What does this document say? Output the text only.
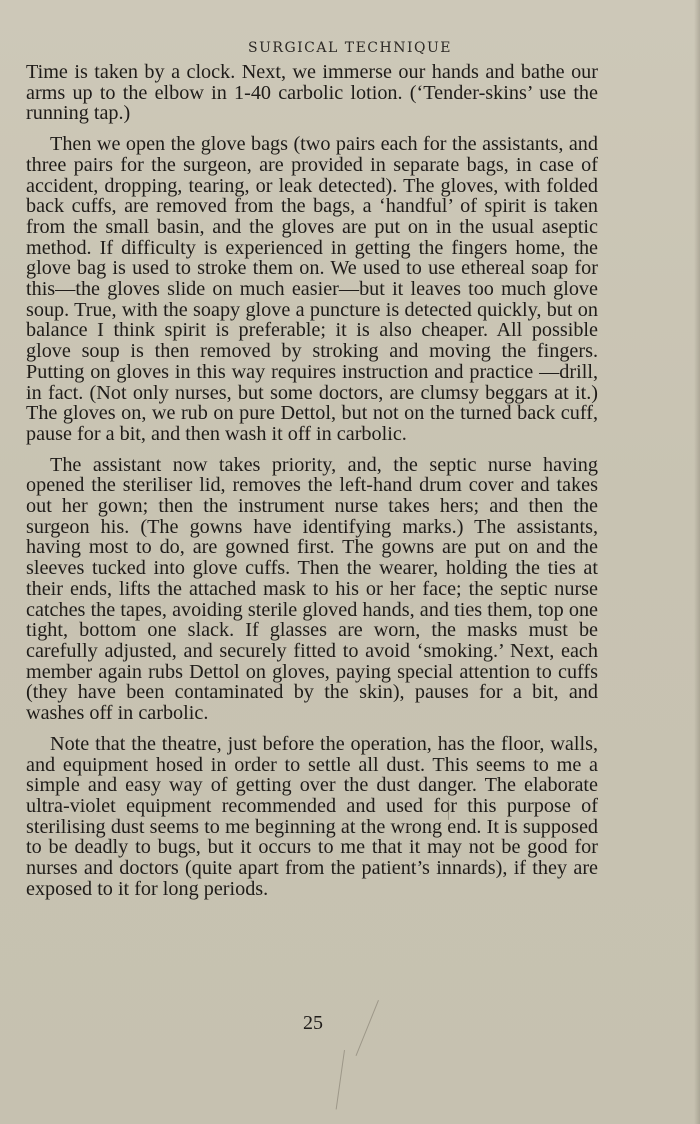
SURGICAL TECHNIQUE

Time is taken by a clock. Next, we immerse our hands and bathe our arms up to the elbow in 1-40 carbolic lotion. (‘Tender-skins’ use the running tap.)

Then we open the glove bags (two pairs each for the assistants, and three pairs for the surgeon, are provided in separate bags, in case of accident, dropping, tearing, or leak detected). The gloves, with folded back cuffs, are removed from the bags, a ‘handful’ of spirit is taken from the small basin, and the gloves are put on in the usual aseptic method. If difficulty is experienced in getting the fingers home, the glove bag is used to stroke them on. We used to use ethereal soap for this—the gloves slide on much easier—but it leaves too much glove soup. True, with the soapy glove a puncture is detected quickly, but on balance I think spirit is preferable; it is also cheaper. All possible glove soup is then removed by stroking and moving the fingers. Putting on gloves in this way requires instruction and practice —drill, in fact. (Not only nurses, but some doctors, are clumsy beggars at it.) The gloves on, we rub on pure Dettol, but not on the turned back cuff, pause for a bit, and then wash it off in carbolic.

The assistant now takes priority, and, the septic nurse having opened the steriliser lid, removes the left-hand drum cover and takes out her gown; then the instrument nurse takes hers; and then the surgeon his. (The gowns have identifying marks.) The assistants, having most to do, are gowned first. The gowns are put on and the sleeves tucked into glove cuffs. Then the wearer, holding the ties at their ends, lifts the attached mask to his or her face; the septic nurse catches the tapes, avoiding sterile gloved hands, and ties them, top one tight, bottom one slack. If glasses are worn, the masks must be carefully adjusted, and securely fitted to avoid ‘smoking.’ Next, each member again rubs Dettol on gloves, paying special attention to cuffs (they have been contaminated by the skin), pauses for a bit, and washes off in carbolic.

Note that the theatre, just before the operation, has the floor, walls, and equipment hosed in order to settle all dust. This seems to me a simple and easy way of getting over the dust danger. The elaborate ultra-violet equipment recommended and used for this purpose of sterilising dust seems to me beginning at the wrong end. It is supposed to be deadly to bugs, but it occurs to me that it may not be good for nurses and doctors (quite apart from the patient’s innards), if they are exposed to it for long periods.

25
